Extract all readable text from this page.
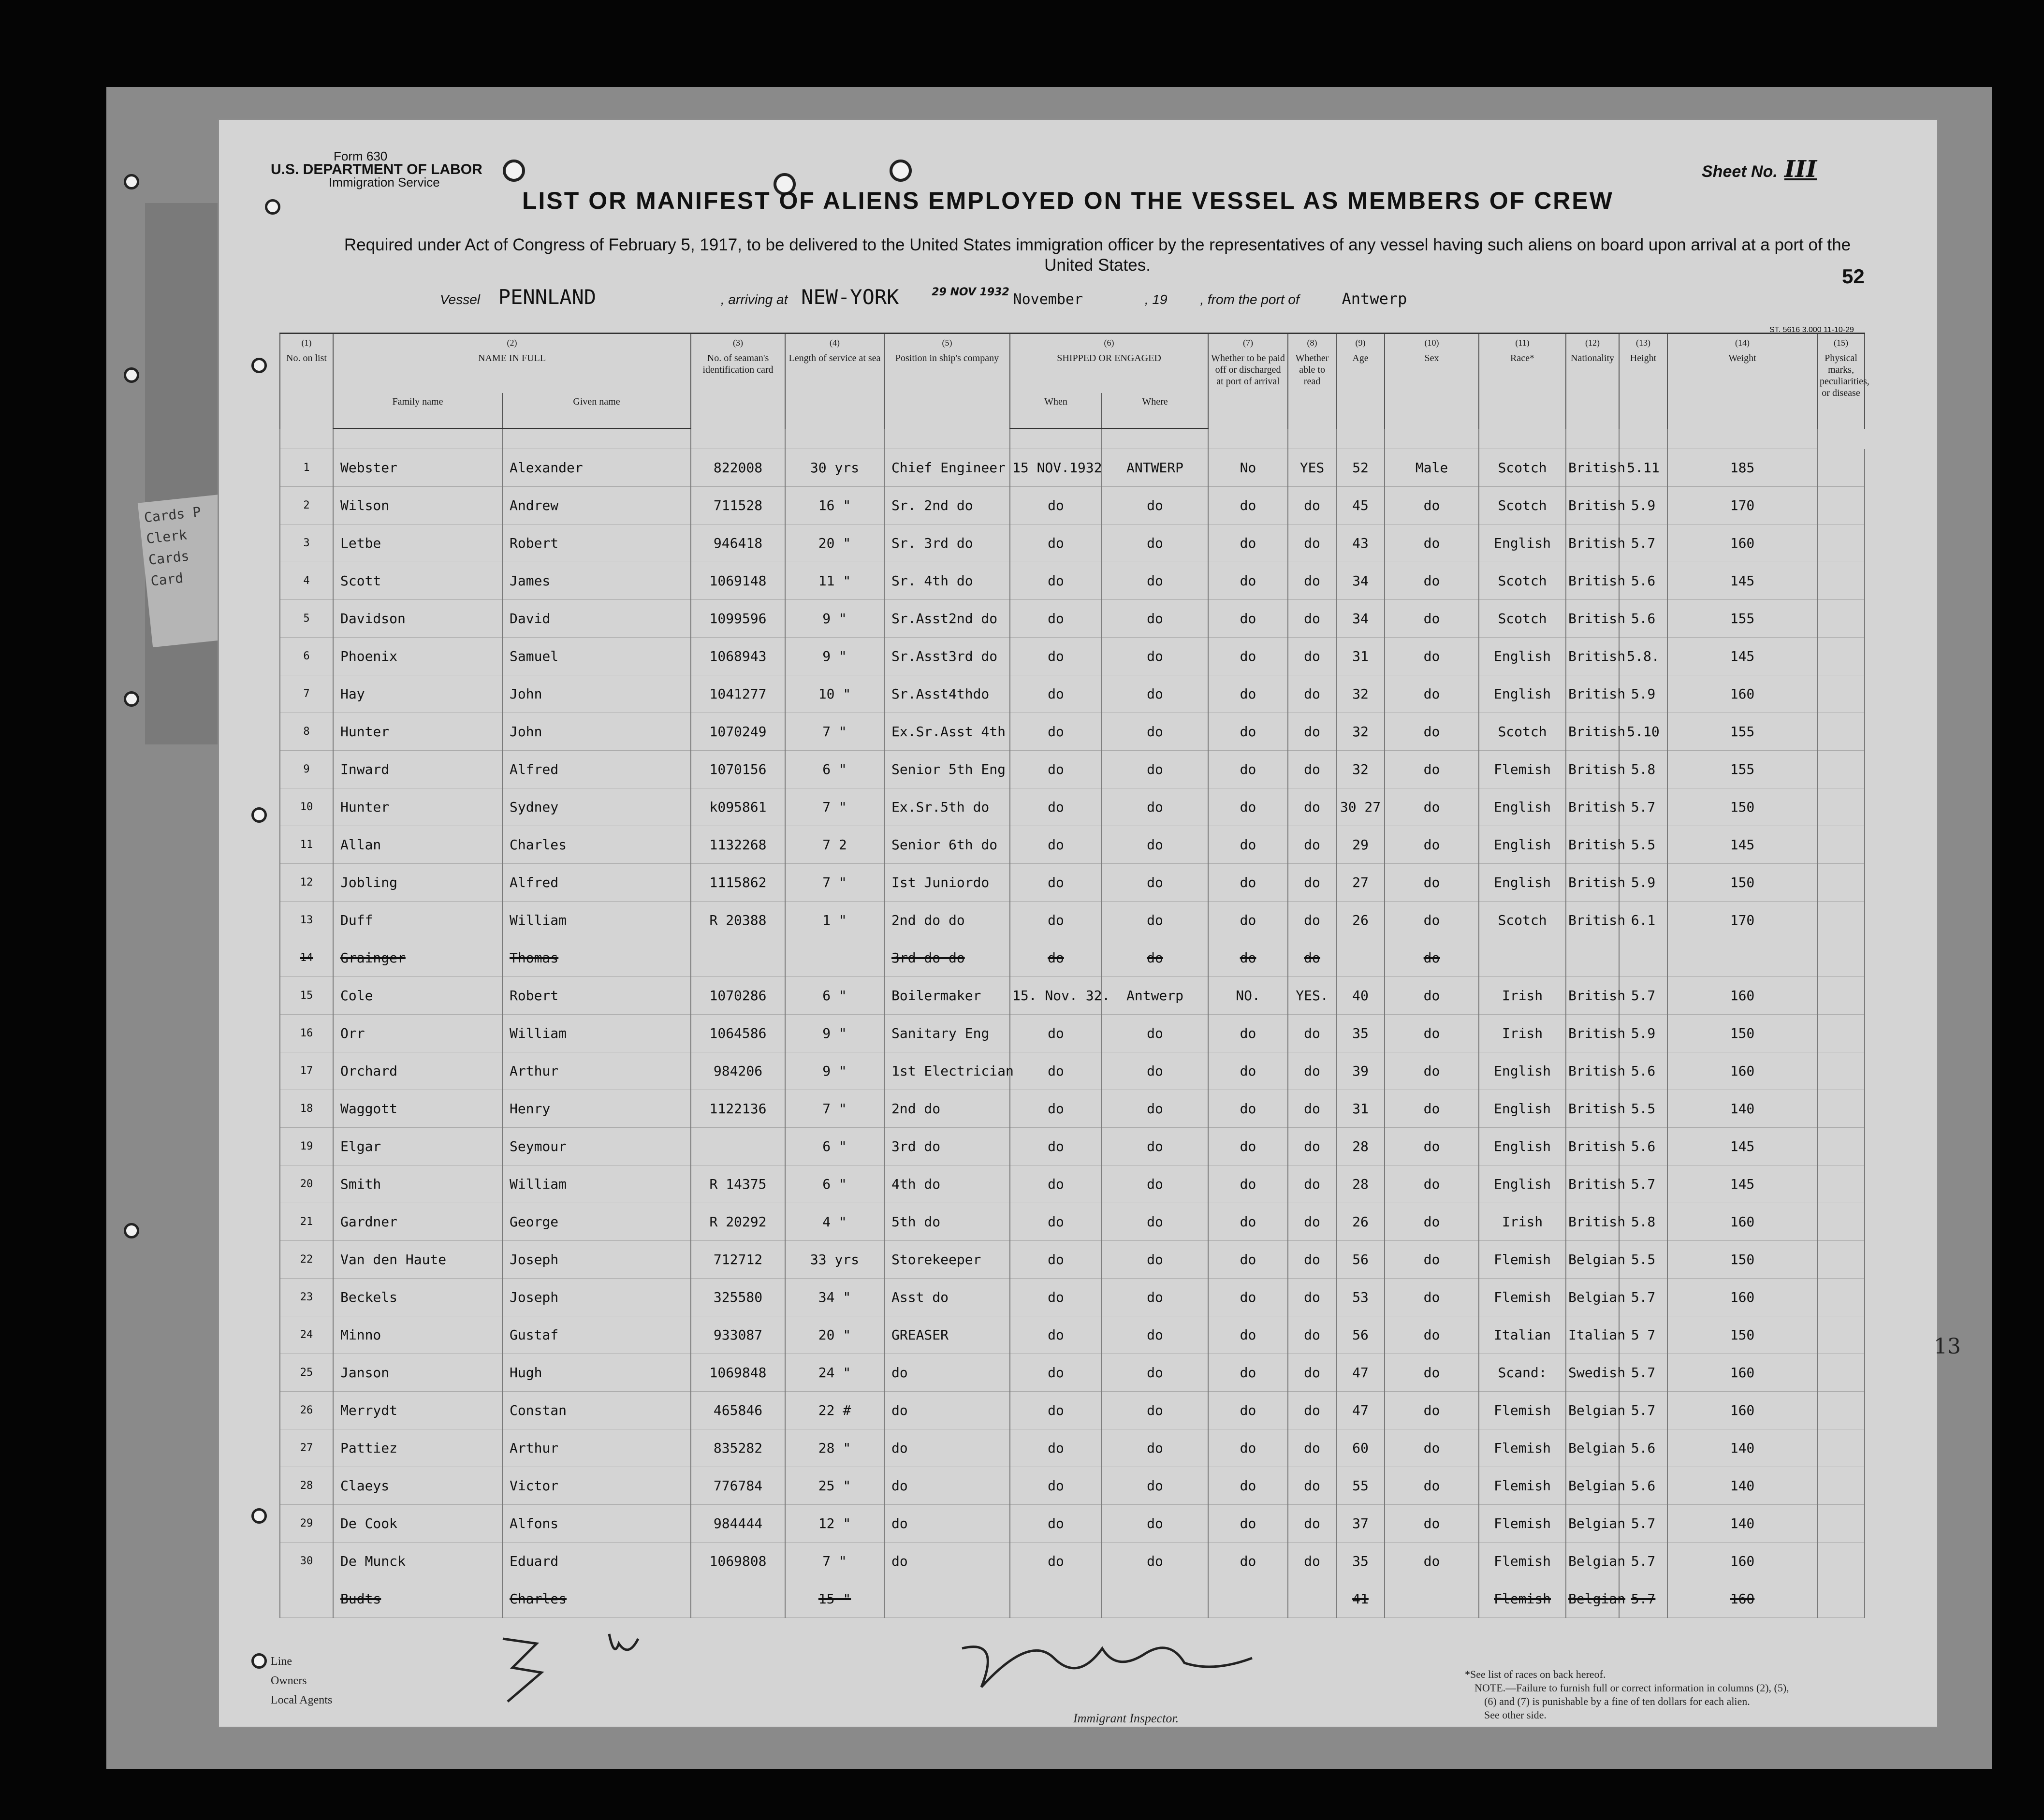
Cards P
Clerk
Cards
Card
Form 630
U.S. DEPARTMENT OF LABOR
Immigration Service
Sheet No. III
LIST OR MANIFEST OF ALIENS EMPLOYED ON THE VESSEL AS MEMBERS OF CREW
Required under Act of Congress of February 5, 1917, to be delivered to the United States immigration officer by the representatives of any vessel having such aliens on board upon arrival at a port of the United States.	52
ST. 5616 3.000 11-10-29
Vessel PENNLAND	, arriving at NEW-YORK	$^{29 NOV 1932}$ November	, 19 , from the port of	Antwerp
(1)
No. on list	(2)
NAME IN FULL		(3)
No. of seaman's identification card	(4)
Length of service at sea	(5)
Position in ship's company	(6)
SHIPPED OR ENGAGED		(7)
Whether to be paid off or discharged at port of arrival	(8)
Whether able to read	(9)
Age	(10)
Sex	(11)
Race*	(12)
Nationality	(13)
Height	(14)
Weight	(15)
Physical marks, peculiarities, or disease
	Family name	Given name				When	Where									

1	Webster	Alexander	822008	30 yrs	Chief Engineer	15 NOV.1932	ANTWERP	No	YES	52	Male	Scotch	British	5.11	185	
2	Wilson	Andrew	711528	16 "	Sr. 2nd do	do	do	do	do	45	do	Scotch	British	5.9	170	
3	Letbe	Robert	946418	20 "	Sr. 3rd do	do	do	do	do	43	do	English	British	5.7	160	
4	Scott	James	1069148	11 "	Sr. 4th do	do	do	do	do	34	do	Scotch	British	5.6	145	
5	Davidson	David	1099596	9 "	Sr.Asst2nd do	do	do	do	do	34	do	Scotch	British	5.6	155	
6	Phoenix	Samuel	1068943	9 "	Sr.Asst3rd do	do	do	do	do	31	do	English	British	5.8.	145	
7	Hay	John	1041277	10 "	Sr.Asst4thdo	do	do	do	do	32	do	English	British	5.9	160	
8	Hunter	John	1070249	7 "	Ex.Sr.Asst 4th	do	do	do	do	32	do	Scotch	British	5.10	155	
9	Inward	Alfred	1070156	6 "	Senior 5th Eng	do	do	do	do	32	do	Flemish	British	5.8	155	
10	Hunter	Sydney	k095861	7 "	Ex.Sr.5th do	do	do	do	do	30 27	do	English	British	5.7	150	
11	Allan	Charles	1132268	7 2	Senior 6th do	do	do	do	do	29	do	English	British	5.5	145	
12	Jobling	Alfred	1115862	7 "	Ist Juniordo	do	do	do	do	27	do	English	British	5.9	150	
13	Duff	William	R 20388	1 "	2nd do do	do	do	do	do	26	do	Scotch	British	6.1	170	
14	Grainger	Thomas			3rd do do	do	do	do	do		do					
15	Cole	Robert	1070286	6 "	Boilermaker	15. Nov. 32.	Antwerp	NO.	YES.	40	do	Irish	British	5.7	160	
16	Orr	William	1064586	9 "	Sanitary Eng	do	do	do	do	35	do	Irish	British	5.9	150	
17	Orchard	Arthur	984206	9 "	1st Electrician	do	do	do	do	39	do	English	British	5.6	160	
18	Waggott	Henry	1122136	7 "	2nd do	do	do	do	do	31	do	English	British	5.5	140	
19	Elgar	Seymour		6 "	3rd do	do	do	do	do	28	do	English	British	5.6	145	
20	Smith	William	R 14375	6 "	4th do	do	do	do	do	28	do	English	British	5.7	145	
21	Gardner	George	R 20292	4 "	5th do	do	do	do	do	26	do	Irish	British	5.8	160	
22	Van den Haute	Joseph	712712	33 yrs	Storekeeper	do	do	do	do	56	do	Flemish	Belgian	5.5	150	
23	Beckels	Joseph	325580	34 "	Asst do	do	do	do	do	53	do	Flemish	Belgian	5.7	160	
24	Minno	Gustaf	933087	20 "	GREASER	do	do	do	do	56	do	Italian	Italian	5 7	150	
25	Janson	Hugh	1069848	24 "	do	do	do	do	do	47	do	Scand:	Swedish	5.7	160	
26	Merrydt	Constan	465846	22 #	do	do	do	do	do	47	do	Flemish	Belgian	5.7	160	
27	Pattiez	Arthur	835282	28 "	do	do	do	do	do	60	do	Flemish	Belgian	5.6	140	
28	Claeys	Victor	776784	25 "	do	do	do	do	do	55	do	Flemish	Belgian	5.6	140	
29	De Cook	Alfons	984444	12 "	do	do	do	do	do	37	do	Flemish	Belgian	5.7	140	
30	De Munck	Eduard	1069808	7 "	do	do	do	do	do	35	do	Flemish	Belgian	5.7	160	
	Budts	Charles		15 "						41		Flemish	Belgian	5.7	160	
Line
Owners
Local Agents
Immigrant Inspector.
*See list of races on back hereof.
NOTE.—Failure to furnish full or correct information in columns (2), (5),
(6) and (7) is punishable by a fine of ten dollars for each alien.
See other side.
13
